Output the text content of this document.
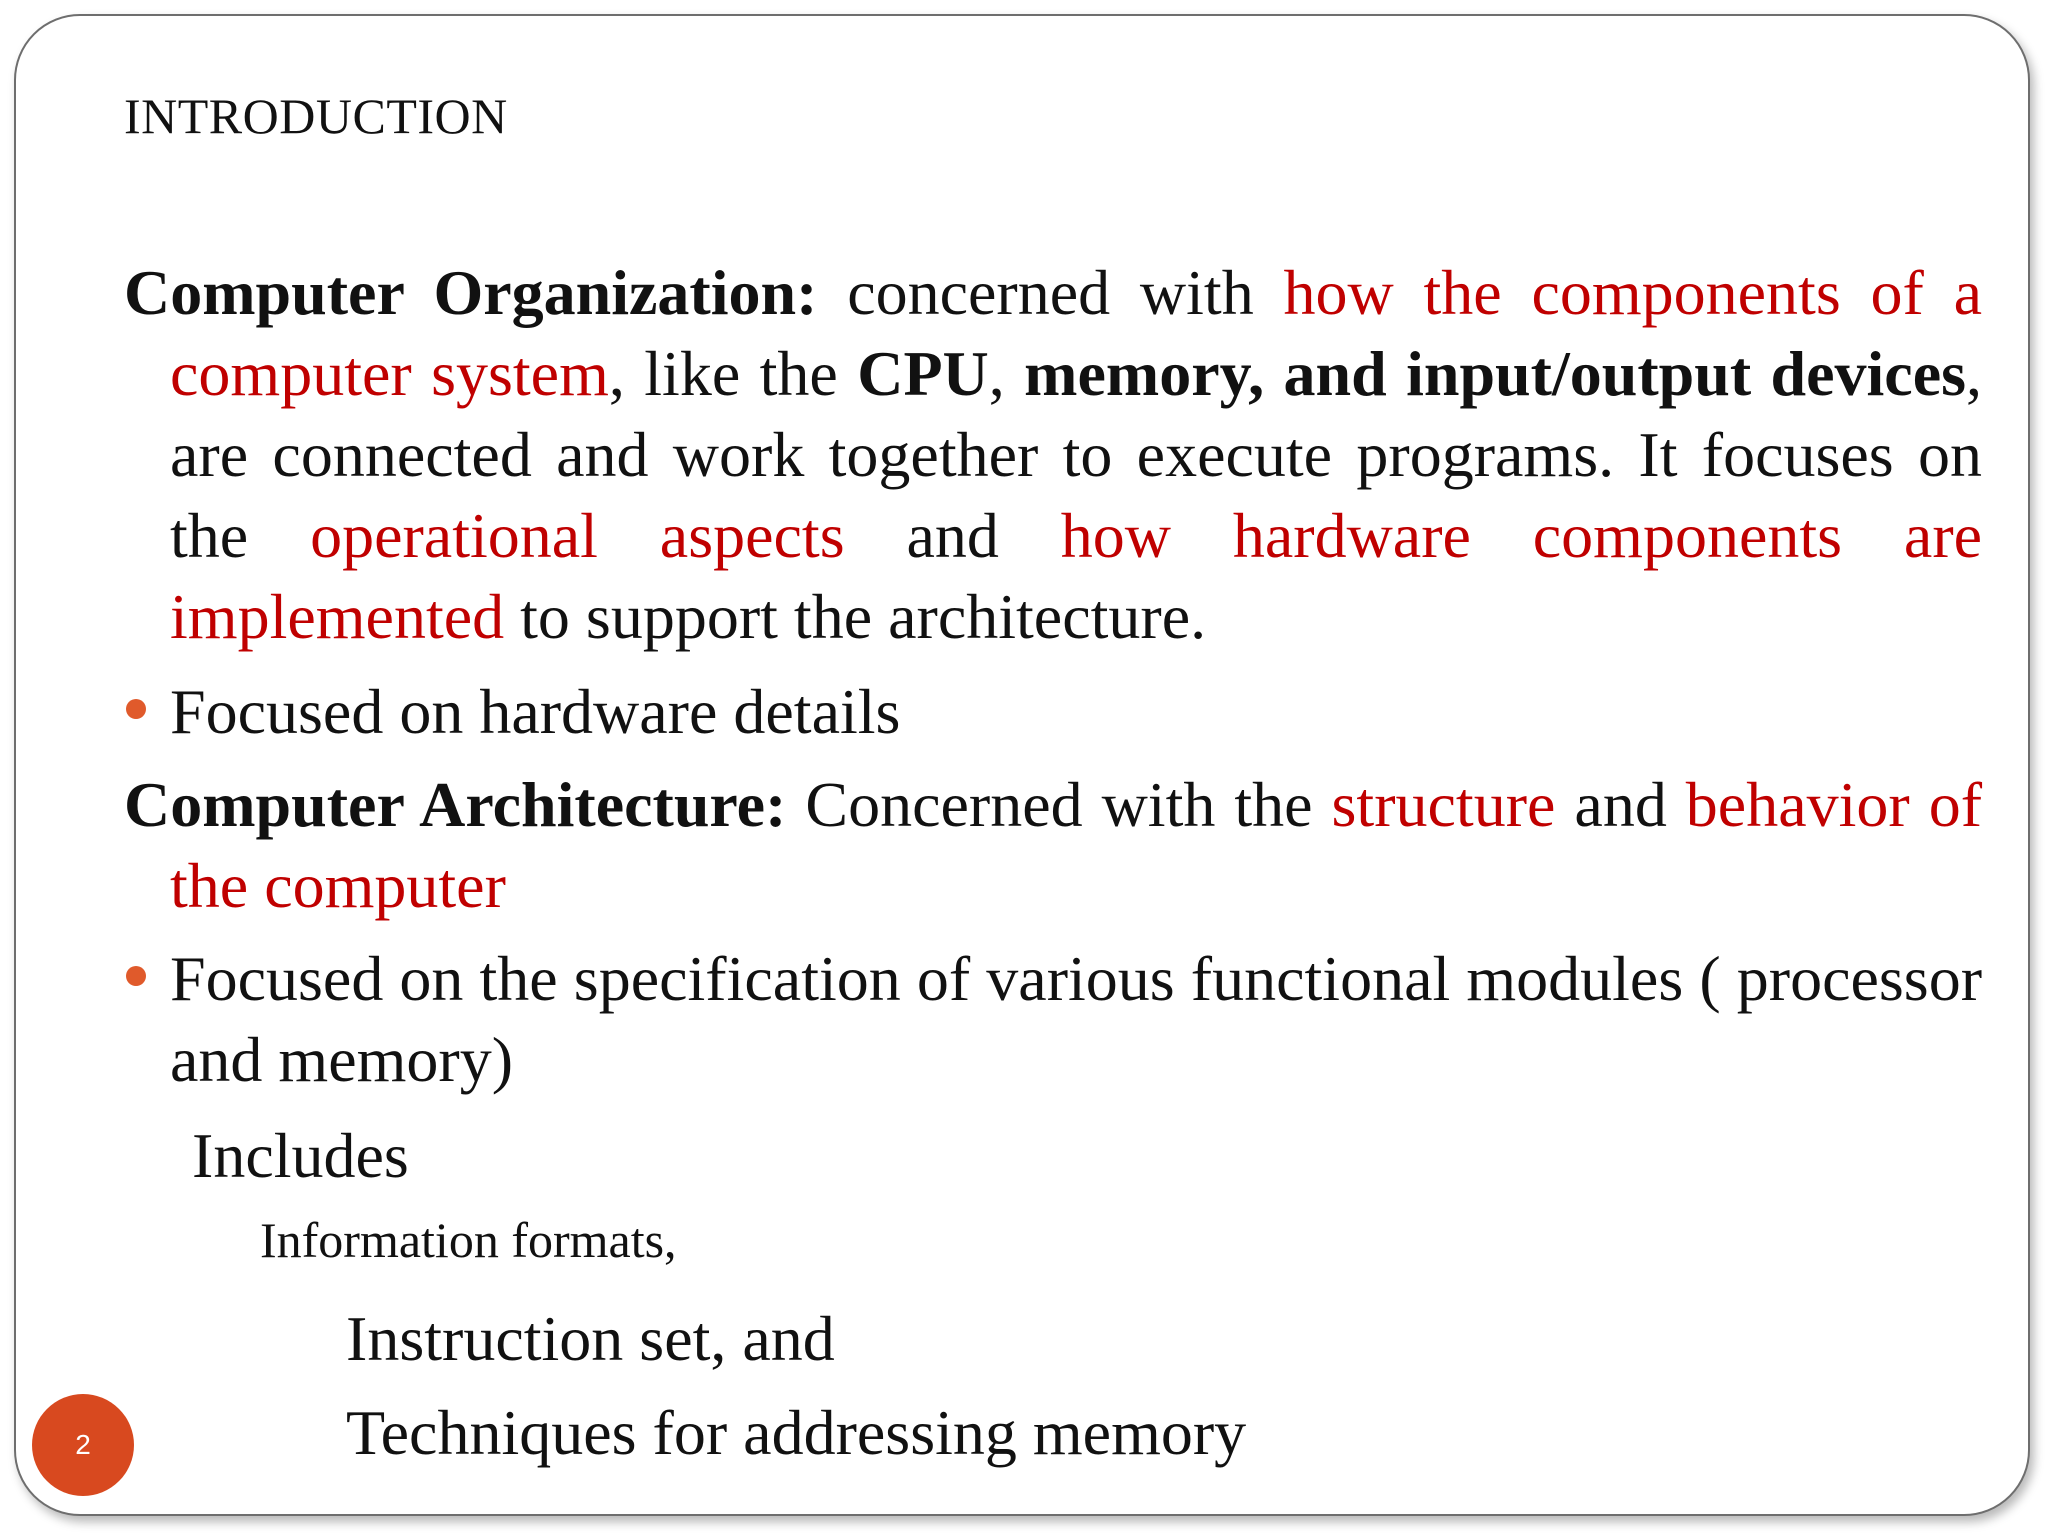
INTRODUCTION

Computer Organization: concerned with how the components of a computer system, like the CPU, memory, and input/output devices, are connected and work together to execute programs. It focuses on the operational aspects and how hardware components are implemented to support the architecture.

Focused on hardware details

Computer Architecture: Concerned with the structure and behavior of the computer

Focused on the specification of various functional modules ( processor and memory)

Includes

Information formats,

Instruction set, and

Techniques for addressing memory

2
